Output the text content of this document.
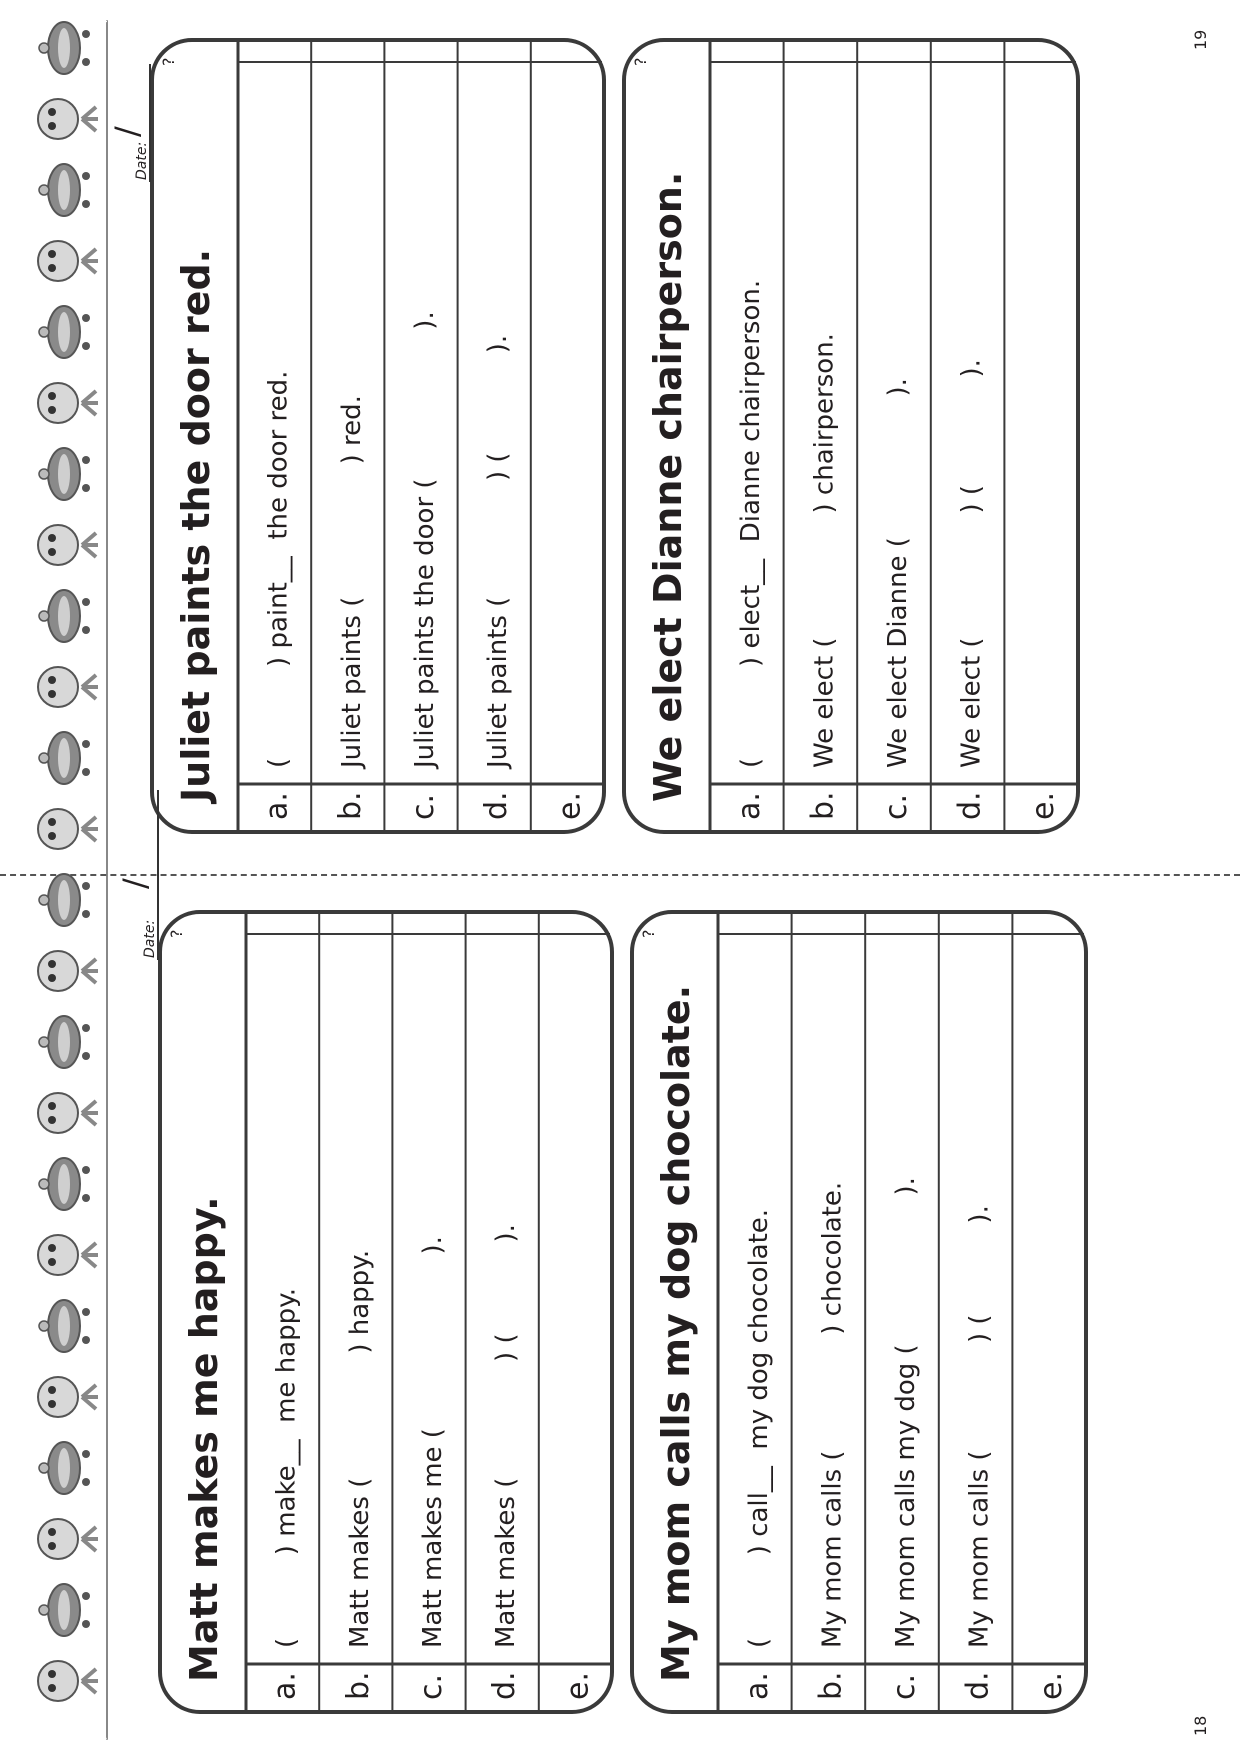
Matt makes me happy.
?
a.
(          ) make__  me happy.
b.
Matt makes (               ) happy.
c.
Matt makes me (                     ).
d.
Matt makes (              ) (           ).
e.
My mom calls my dog chocolate.
?
a.
(          ) call__  my dog chocolate.
b.
My mom calls (              ) chocolate.
c.
My mom calls my dog (                  ).
d.
My mom calls (             ) (           ).
e.
Juliet paints the door red.
?
a.
(           ) paint__  the door red.
b.
Juliet paints (                ) red.
c.
Juliet paints the door (                  ).
d.
Juliet paints (              ) (            ).
e.
We elect Dianne chairperson.
?
a.
(           ) elect__  Dianne chairperson.
b.
We elect (               ) chairperson.
c.
We elect Dianne (                 ).
d.
We elect (               ) (             ).
e.
Date:
/
Date:
/
18
19
